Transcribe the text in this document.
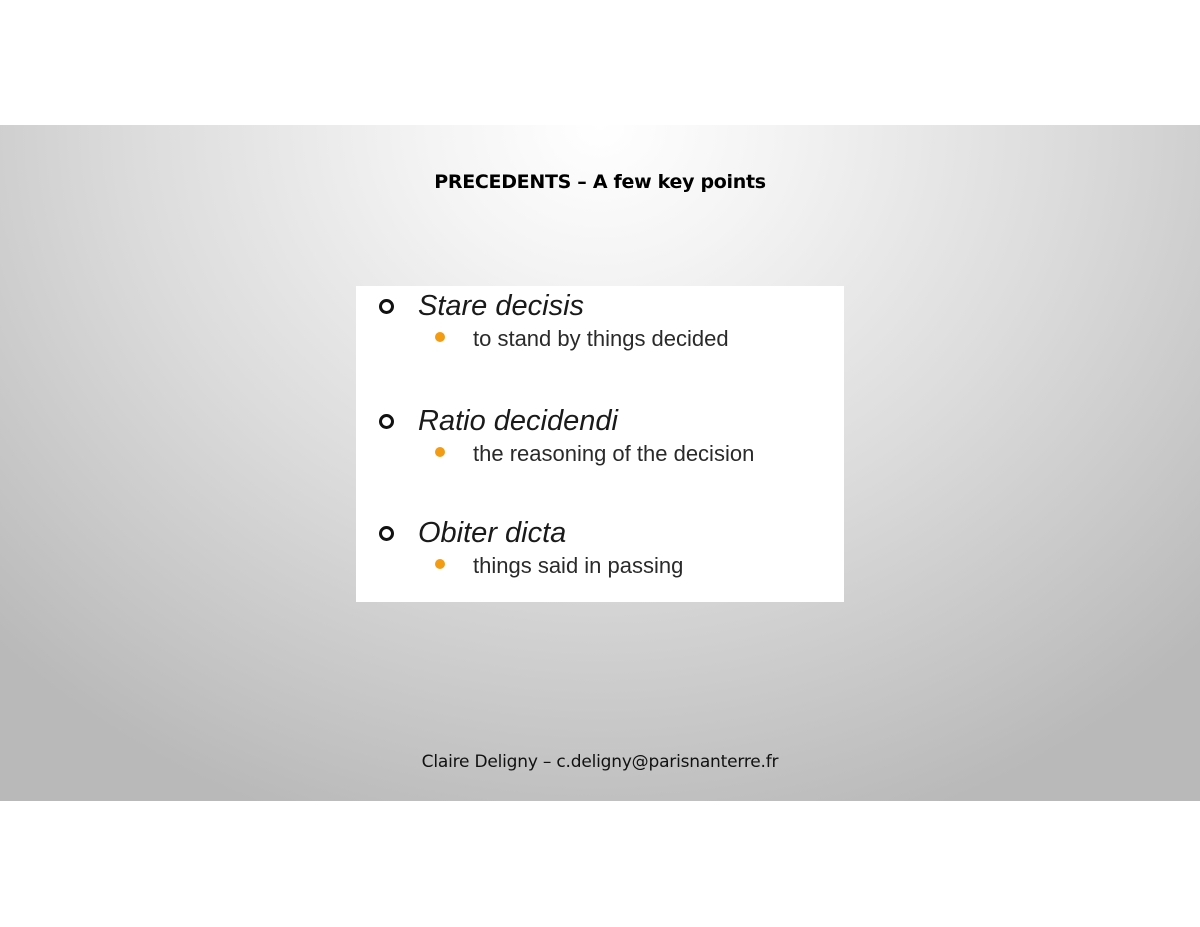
PRECEDENTS – A few key points
Stare decisis
to stand by things decided
Ratio decidendi
the reasoning of the decision
Obiter dicta
things said in passing
Claire Deligny – c.deligny@parisnanterre.fr
